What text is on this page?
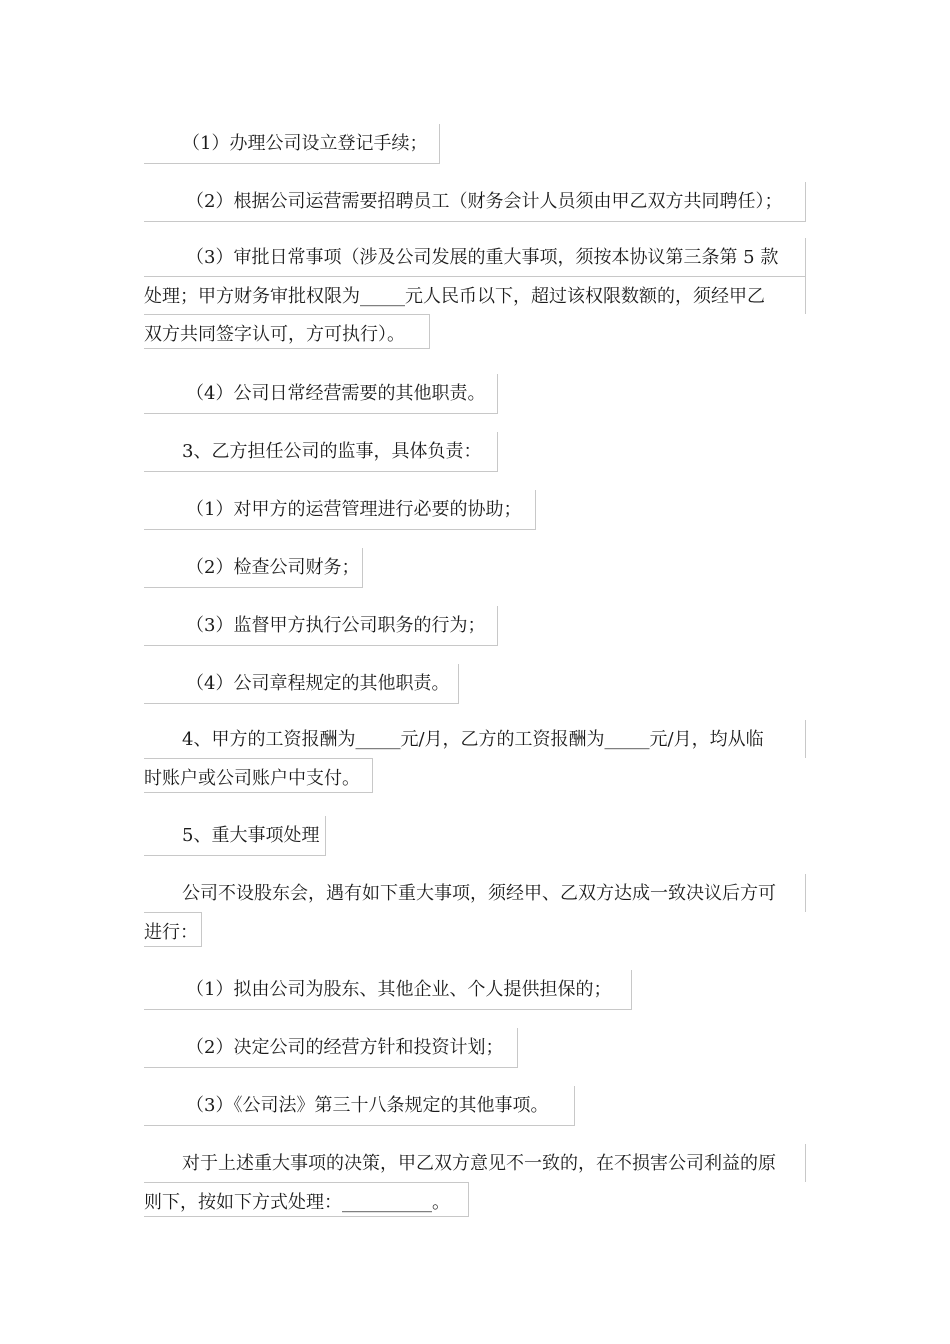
（1）办理公司设立登记手续；
（2）根据公司运营需要招聘员工（财务会计人员须由甲乙双方共同聘任）；
（3）审批日常事项（涉及公司发展的重大事项，须按本协议第三条第 5 款
处理；甲方财务审批权限为_____元人民币以下，超过该权限数额的，须经甲乙
双方共同签字认可，方可执行）。
（4）公司日常经营需要的其他职责。
3、乙方担任公司的监事，具体负责：
（1）对甲方的运营管理进行必要的协助；
（2）检查公司财务；
（3）监督甲方执行公司职务的行为；
（4）公司章程规定的其他职责。
4、甲方的工资报酬为_____元/月，乙方的工资报酬为_____元/月，均从临
时账户或公司账户中支付。
5、重大事项处理
公司不设股东会，遇有如下重大事项，须经甲、乙双方达成一致决议后方可
进行：
（1）拟由公司为股东、其他企业、个人提供担保的；
（2）决定公司的经营方针和投资计划；
（3）《公司法》第三十八条规定的其他事项。
对于上述重大事项的决策，甲乙双方意见不一致的，在不损害公司利益的原
则下，按如下方式处理：__________。
